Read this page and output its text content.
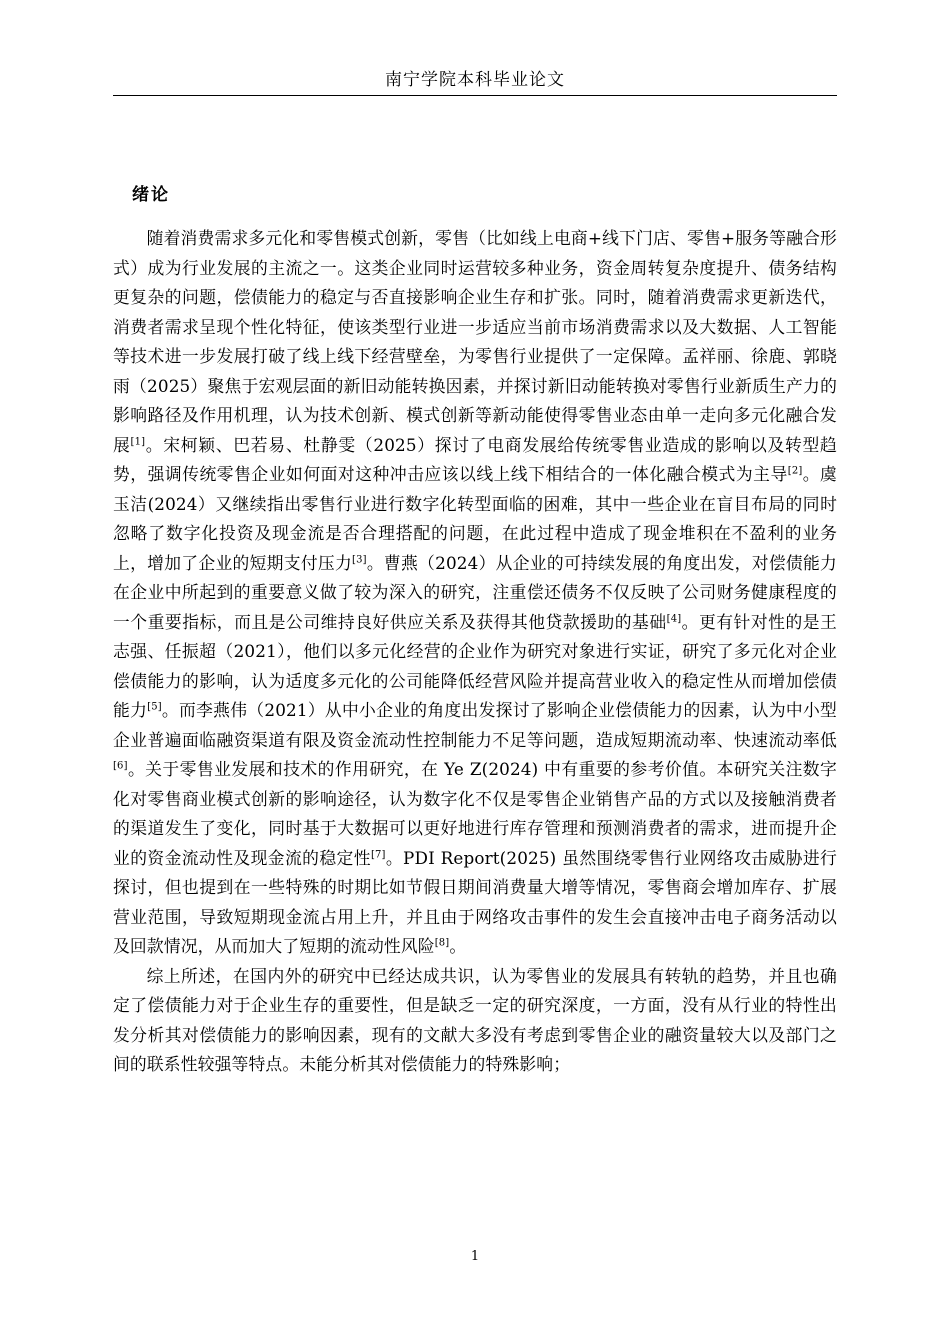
南宁学院本科毕业论文
绪论

随着消费需求多元化和零售模式创新，零售（比如线上电商+线下门店、零售+服务等融合形式）成为行业发展的主流之一。这类企业同时运营较多种业务，资金周转复杂度提升、债务结构更复杂的问题，偿债能力的稳定与否直接影响企业生存和扩张。同时，随着消费需求更新迭代，消费者需求呈现个性化特征，使该类型行业进一步适应当前市场消费需求以及大数据、人工智能等技术进一步发展打破了线上线下经营壁垒，为零售行业提供了一定保障。孟祥丽、徐鹿、郭晓雨（2025）聚焦于宏观层面的新旧动能转换因素，并探讨新旧动能转换对零售行业新质生产力的影响路径及作用机理，认为技术创新、模式创新等新动能使得零售业态由单一走向多元化融合发展[1]。宋柯颖、巴若易、杜静雯（2025）探讨了电商发展给传统零售业造成的影响以及转型趋势，强调传统零售企业如何面对这种冲击应该以线上线下相结合的一体化融合模式为主导[2]。虞玉洁(2024）又继续指出零售行业进行数字化转型面临的困难，其中一些企业在盲目布局的同时忽略了数字化投资及现金流是否合理搭配的问题，在此过程中造成了现金堆积在不盈利的业务上，增加了企业的短期支付压力[3]。曹燕（2024）从企业的可持续发展的角度出发，对偿债能力在企业中所起到的重要意义做了较为深入的研究，注重偿还债务不仅反映了公司财务健康程度的一个重要指标，而且是公司维持良好供应关系及获得其他贷款援助的基础[4]。更有针对性的是王志强、任振超（2021），他们以多元化经营的企业作为研究对象进行实证，研究了多元化对企业偿债能力的影响，认为适度多元化的公司能降低经营风险并提高营业收入的稳定性从而增加偿债能力[5]。而李燕伟（2021）从中小企业的角度出发探讨了影响企业偿债能力的因素，认为中小型企业普遍面临融资渠道有限及资金流动性控制能力不足等问题，造成短期流动率、快速流动率低[6]。关于零售业发展和技术的作用研究，在 Ye Z(2024) 中有重要的参考价值。本研究关注数字化对零售商业模式创新的影响途径，认为数字化不仅是零售企业销售产品的方式以及接触消费者的渠道发生了变化，同时基于大数据可以更好地进行库存管理和预测消费者的需求，进而提升企业的资金流动性及现金流的稳定性[7]。PDI Report(2025) 虽然围绕零售行业网络攻击威胁进行探讨，但也提到在一些特殊的时期比如节假日期间消费量大增等情况，零售商会增加库存、扩展营业范围，导致短期现金流占用上升，并且由于网络攻击事件的发生会直接冲击电子商务活动以及回款情况，从而加大了短期的流动性风险[8]。

综上所述，在国内外的研究中已经达成共识，认为零售业的发展具有转轨的趋势，并且也确定了偿债能力对于企业生存的重要性，但是缺乏一定的研究深度，一方面，没有从行业的特性出发分析其对偿债能力的影响因素，现有的文献大多没有考虑到零售企业的融资量较大以及部门之间的联系性较强等特点。未能分析其对偿债能力的特殊影响；

1
